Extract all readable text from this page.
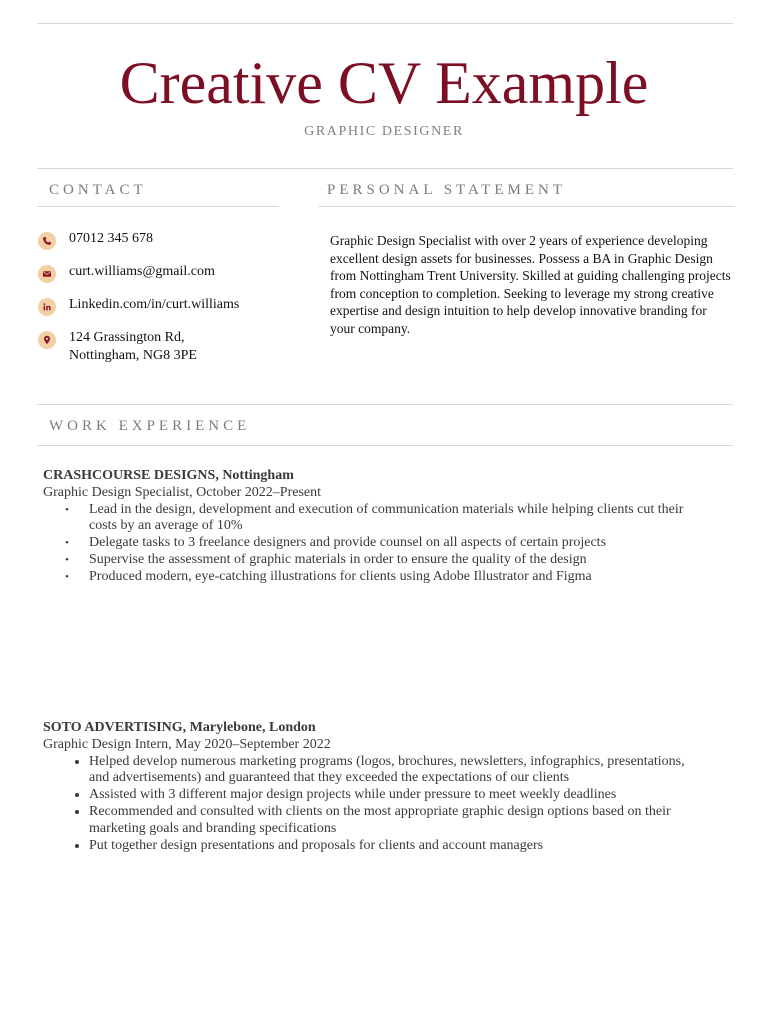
Creative CV Example
GRAPHIC DESIGNER
CONTACT	PERSONAL STATEMENT
07012 345 678
curt.williams@gmail.com
Linkedin.com/in/curt.williams
124 Grassington Rd,
Nottingham, NG8 3PE
Graphic Design Specialist with over 2 years of experience developing excellent design assets for businesses. Possess a BA in Graphic Design from Nottingham Trent University. Skilled at guiding challenging projects from conception to completion. Seeking to leverage my strong creative expertise and design intuition to help develop innovative branding for your company.
WORK EXPERIENCE
CRASHCOURSE DESIGNS, Nottingham
Graphic Design Specialist, October 2022–Present
• Lead in the design, development and execution of communication materials while helping clients cut their costs by an average of 10%
• Delegate tasks to 3 freelance designers and provide counsel on all aspects of certain projects
• Supervise the assessment of graphic materials in order to ensure the quality of the design
• Produced modern, eye-catching illustrations for clients using Adobe Illustrator and Figma
SOTO ADVERTISING, Marylebone, London
Graphic Design Intern, May 2020–September 2022
• Helped develop numerous marketing programs (logos, brochures, newsletters, infographics, presentations, and advertisements) and guaranteed that they exceeded the expectations of our clients
• Assisted with 3 different major design projects while under pressure to meet weekly deadlines
• Recommended and consulted with clients on the most appropriate graphic design options based on their marketing goals and branding specifications
• Put together design presentations and proposals for clients and account managers
